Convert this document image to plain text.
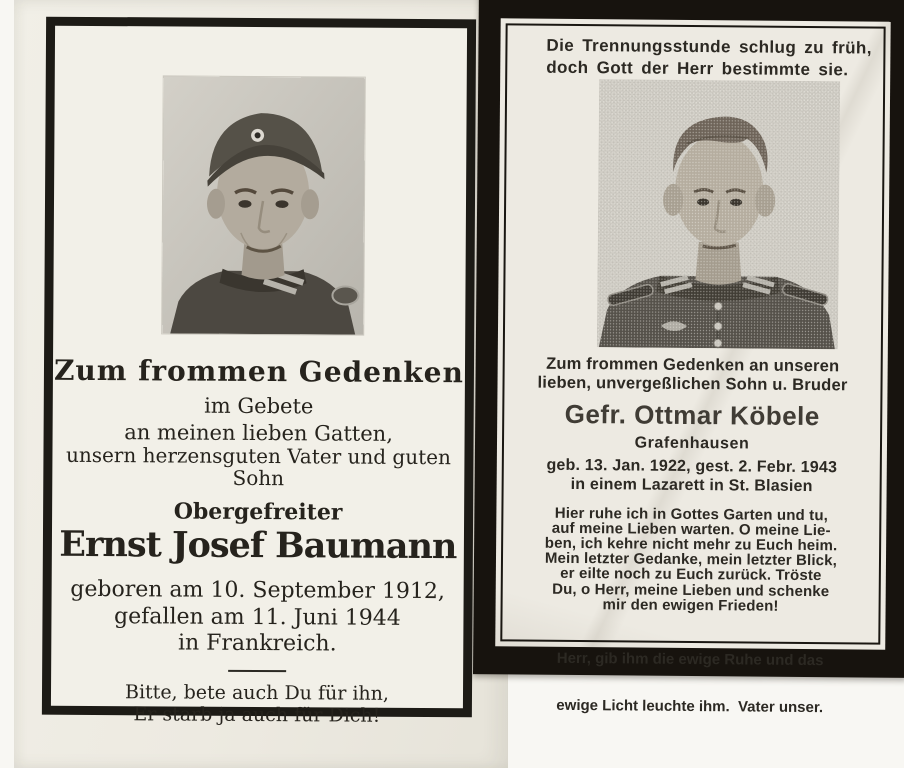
Zum frommen Gedenken
im Gebete
an meinen lieben Gatten,
unsern herzensguten Vater und guten Sohn
Obergefreiter
Ernst Josef Baumann
geboren am 10. September 1912,
gefallen am 11. Juni 1944
in Frankreich.
Bitte, bete auch Du für ihn,
Er starb ja auch für Dich!
Die Trennungsstunde schlug zu früh,
doch Gott der Herr bestimmte sie.
Zum frommen Gedenken an unseren
lieben, unvergeßlichen Sohn u. Bruder
Gefr. Ottmar Köbele
Grafenhausen
geb. 13. Jan. 1922, gest. 2. Febr. 1943
in einem Lazarett in St. Blasien
Hier ruhe ich in Gottes Garten und tu,
auf meine Lieben warten. O meine Lie-
ben, ich kehre nicht mehr zu Euch heim.
Mein letzter Gedanke, mein letzter Blick,
er eilte noch zu Euch zurück. Tröste
Du, o Herr, meine Lieben und schenke
mir den ewigen Frieden!

Herr, gib ihm die ewige Ruhe und das

ewige Licht leuchte ihm.  Vater unser.
